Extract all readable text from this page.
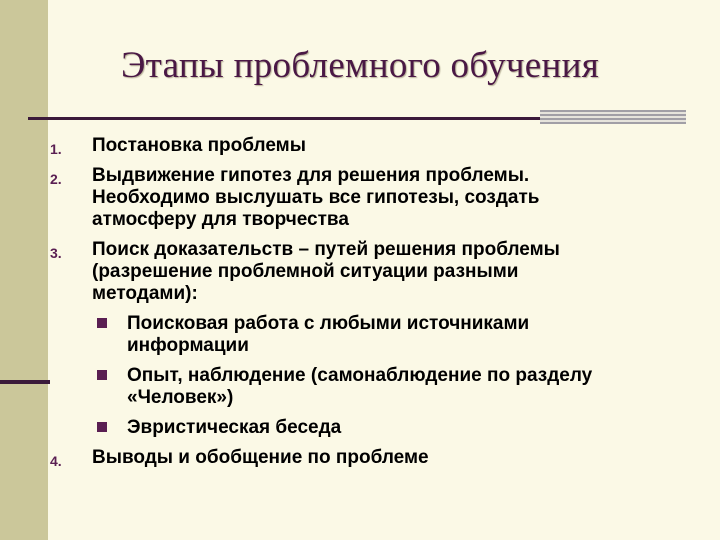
Этапы проблемного обучения
1.	Постановка проблемы
2.	Выдвижение гипотез для решения проблемы.
Необходимо выслушать все гипотезы, создать
атмосферу для творчества
3.	Поиск доказательств – путей решения проблемы
(разрешение проблемной ситуации разными
методами):
Поисковая работа с любыми источниками
информации
Опыт, наблюдение (самонаблюдение по разделу
«Человек»)
Эвристическая беседа
4.	Выводы и обобщение по проблеме
